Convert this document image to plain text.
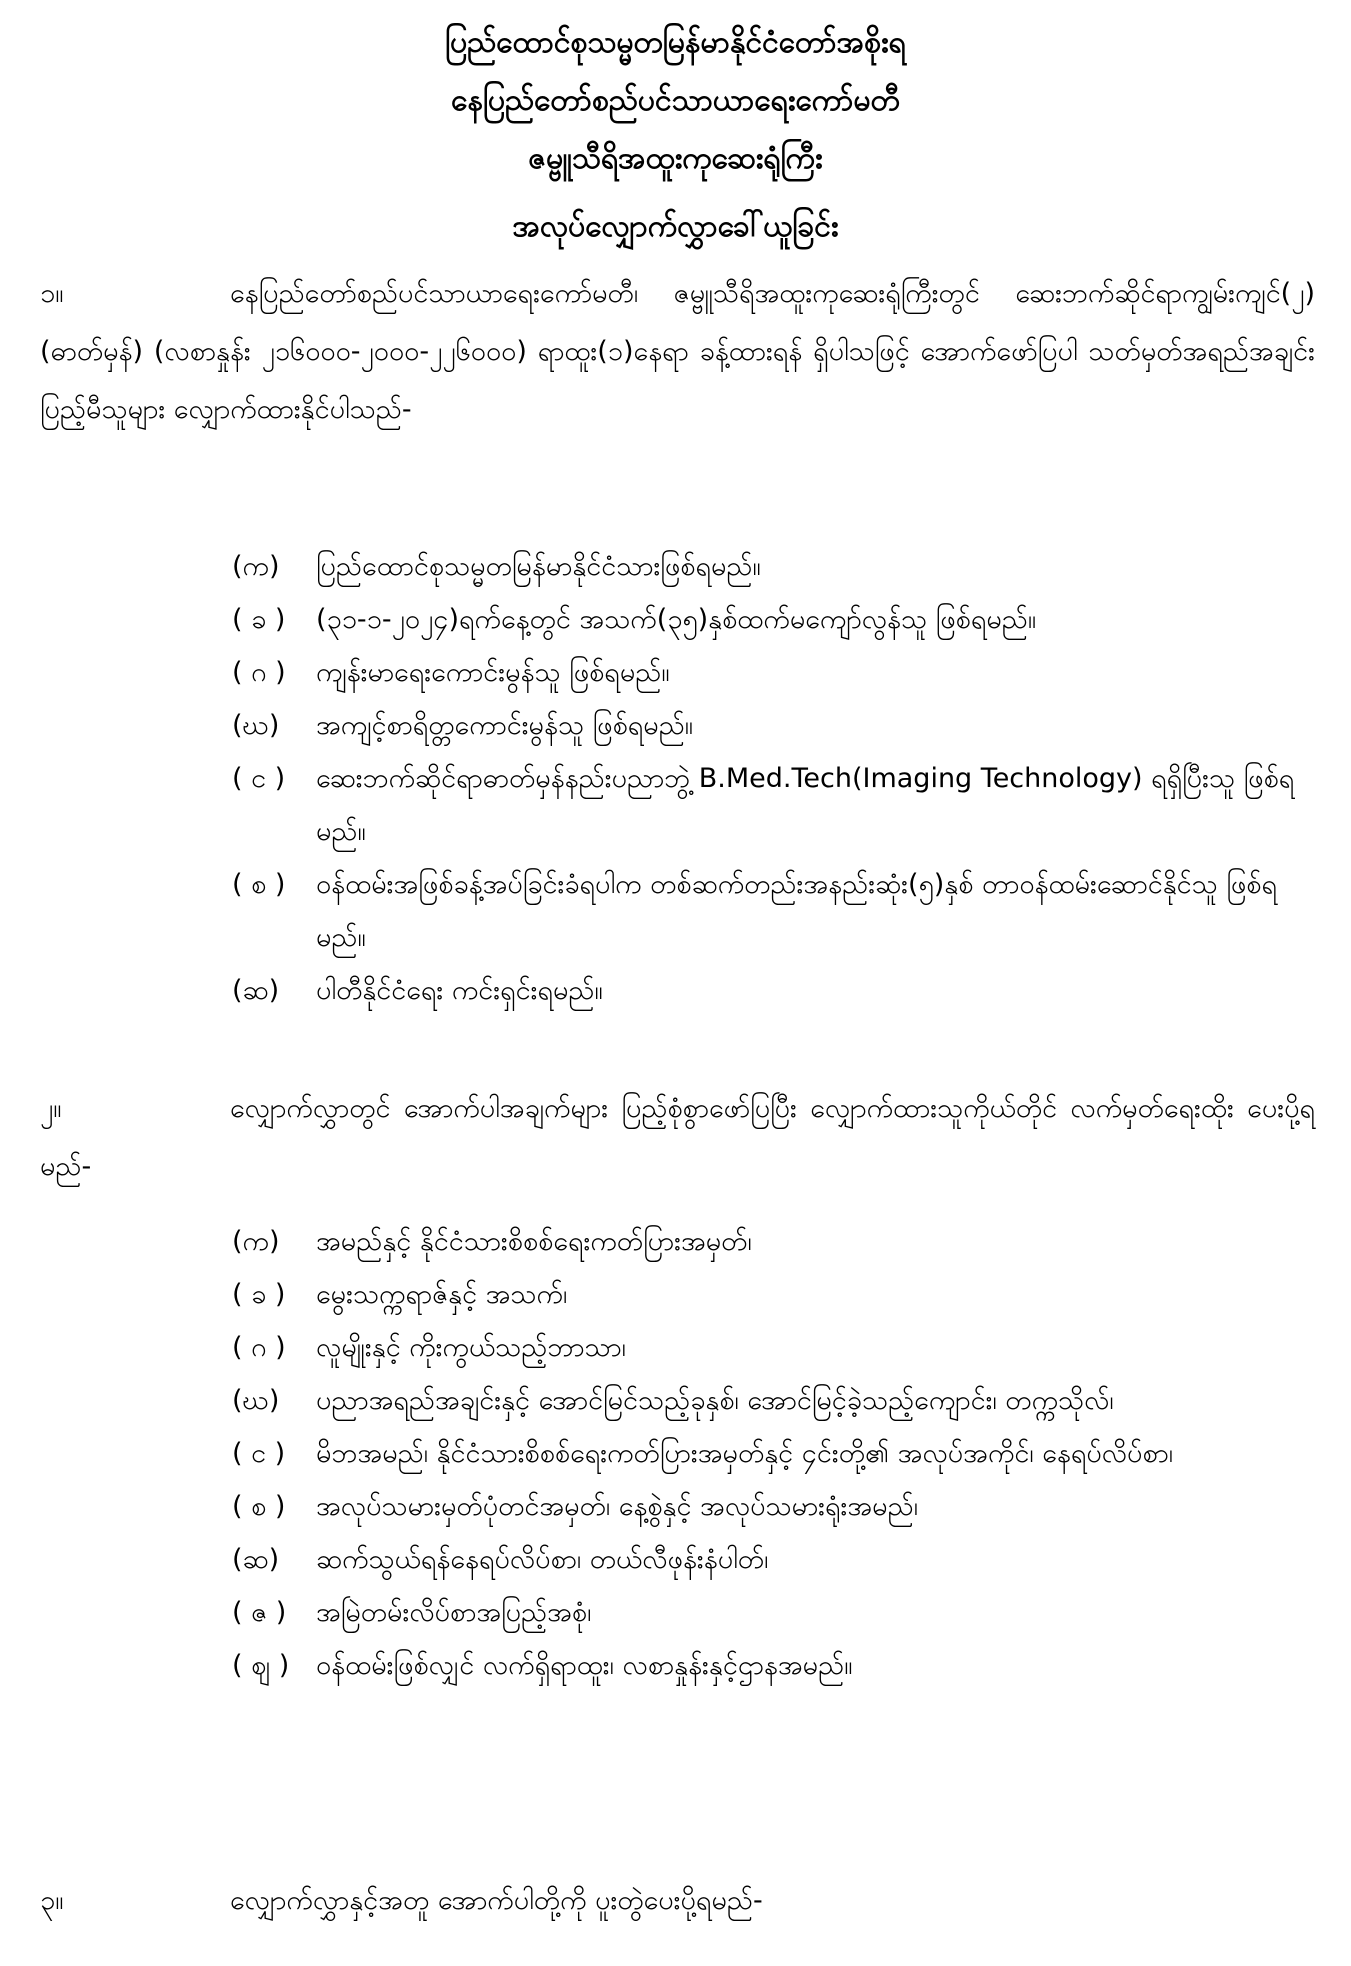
ပြည်ထောင်စုသမ္မတမြန်မာနိုင်ငံတော်အစိုးရ
နေပြည်တော်စည်ပင်သာယာရေးကော်မတီ
ဇမ္ဗူသီရိအထူးကုဆေးရုံကြီး
အလုပ်လျှောက်လွှာခေါ်ယူခြင်း
၁။	နေပြည်တော်စည်ပင်သာယာရေးကော်မတီ၊ ဇမ္ဗူသီရိအထူးကုဆေးရုံကြီးတွင် ဆေးဘက်ဆိုင်ရာကျွမ်းကျင်(၂)(ဓာတ်မှန်) (လစာနှုန်း ၂၁၆၀၀၀-၂၀၀၀-၂၂၆၀၀၀) ရာထူး(၁)နေရာ ခန့်ထားရန် ရှိပါသဖြင့် အောက်ဖော်ပြပါ သတ်မှတ်အရည်အချင်းပြည့်မီသူများ လျှောက်ထားနိုင်ပါသည်-
(က)	ပြည်ထောင်စုသမ္မတမြန်မာနိုင်ငံသားဖြစ်ရမည်။
( ခ )	(၃၁-၁-၂၀၂၄)ရက်နေ့တွင် အသက်(၃၅)နှစ်ထက်မကျော်လွန်သူ ဖြစ်ရမည်။
( ဂ )	ကျန်းမာရေးကောင်းမွန်သူ ဖြစ်ရမည်။
(ဃ)	အကျင့်စာရိတ္တကောင်းမွန်သူ ဖြစ်ရမည်။
( င )	ဆေးဘက်ဆိုင်ရာဓာတ်မှန်နည်းပညာဘွဲ့ B.Med.Tech(Imaging Technology) ရရှိပြီးသူ ဖြစ်ရမည်။
( စ )	ဝန်ထမ်းအဖြစ်ခန့်အပ်ခြင်းခံရပါက တစ်ဆက်တည်းအနည်းဆုံး(၅)နှစ် တာဝန်ထမ်းဆောင်နိုင်သူ ဖြစ်ရမည်။
(ဆ)	ပါတီနိုင်ငံရေး ကင်းရှင်းရမည်။
၂။	လျှောက်လွှာတွင် အောက်ပါအချက်များ ပြည့်စုံစွာဖော်ပြပြီး လျှောက်ထားသူကိုယ်တိုင် လက်မှတ်ရေးထိုး ပေးပို့ရမည်-
(က)	အမည်နှင့် နိုင်ငံသားစိစစ်ရေးကတ်ပြားအမှတ်၊
( ခ )	မွေးသက္ကရာဇ်နှင့် အသက်၊
( ဂ )	လူမျိုးနှင့် ကိုးကွယ်သည့်ဘာသာ၊
(ဃ)	ပညာအရည်အချင်းနှင့် အောင်မြင်သည့်ခုနှစ်၊ အောင်မြင့်ခဲ့သည့်ကျောင်း၊ တက္ကသိုလ်၊
( င )	မိဘအမည်၊ နိုင်ငံသားစိစစ်ရေးကတ်ပြားအမှတ်နှင့် ၄င်းတို့၏ အလုပ်အကိုင်၊ နေရပ်လိပ်စာ၊
( စ )	အလုပ်သမားမှတ်ပုံတင်အမှတ်၊ နေ့စွဲနှင့် အလုပ်သမားရုံးအမည်၊
(ဆ)	ဆက်သွယ်ရန်နေရပ်လိပ်စာ၊ တယ်လီဖုန်းနံပါတ်၊
( ဇ )	အမြဲတမ်းလိပ်စာအပြည့်အစုံ၊
( ဈ ) ဝန်ထမ်းဖြစ်လျှင် လက်ရှိရာထူး၊ လစာနှုန်းနှင့်ဌာနအမည်။
၃။	လျှောက်လွှာနှင့်အတူ အောက်ပါတို့ကို ပူးတွဲပေးပို့ရမည်-
